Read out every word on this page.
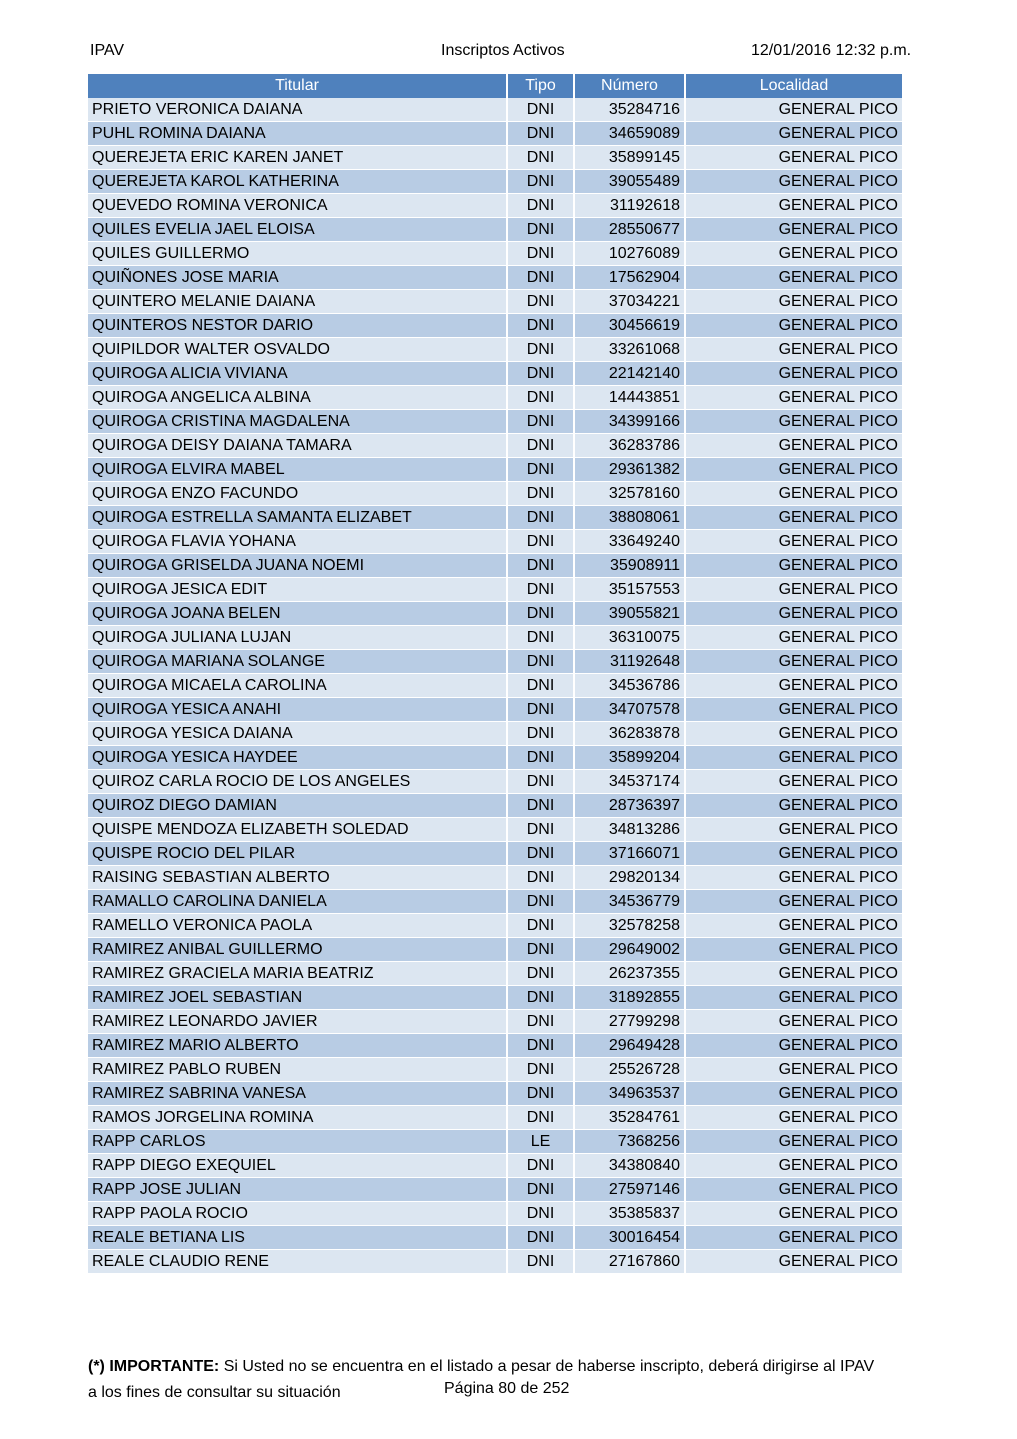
IPAV	Inscriptos Activos	12/01/2016 12:32 p.m.
Titular	Tipo	Número	Localidad
PRIETO VERONICA DAIANA	DNI	35284716	GENERAL PICO
PUHL ROMINA DAIANA	DNI	34659089	GENERAL PICO
QUEREJETA ERIC KAREN JANET	DNI	35899145	GENERAL PICO
QUEREJETA KAROL KATHERINA	DNI	39055489	GENERAL PICO
QUEVEDO ROMINA VERONICA	DNI	31192618	GENERAL PICO
QUILES EVELIA JAEL ELOISA	DNI	28550677	GENERAL PICO
QUILES GUILLERMO	DNI	10276089	GENERAL PICO
QUIÑONES JOSE MARIA	DNI	17562904	GENERAL PICO
QUINTERO MELANIE DAIANA	DNI	37034221	GENERAL PICO
QUINTEROS NESTOR DARIO	DNI	30456619	GENERAL PICO
QUIPILDOR WALTER OSVALDO	DNI	33261068	GENERAL PICO
QUIROGA ALICIA VIVIANA	DNI	22142140	GENERAL PICO
QUIROGA ANGELICA ALBINA	DNI	14443851	GENERAL PICO
QUIROGA CRISTINA MAGDALENA	DNI	34399166	GENERAL PICO
QUIROGA DEISY DAIANA TAMARA	DNI	36283786	GENERAL PICO
QUIROGA ELVIRA MABEL	DNI	29361382	GENERAL PICO
QUIROGA ENZO FACUNDO	DNI	32578160	GENERAL PICO
QUIROGA ESTRELLA SAMANTA ELIZABET	DNI	38808061	GENERAL PICO
QUIROGA FLAVIA YOHANA	DNI	33649240	GENERAL PICO
QUIROGA GRISELDA JUANA NOEMI	DNI	35908911	GENERAL PICO
QUIROGA JESICA EDIT	DNI	35157553	GENERAL PICO
QUIROGA JOANA BELEN	DNI	39055821	GENERAL PICO
QUIROGA JULIANA LUJAN	DNI	36310075	GENERAL PICO
QUIROGA MARIANA SOLANGE	DNI	31192648	GENERAL PICO
QUIROGA MICAELA CAROLINA	DNI	34536786	GENERAL PICO
QUIROGA YESICA ANAHI	DNI	34707578	GENERAL PICO
QUIROGA YESICA DAIANA	DNI	36283878	GENERAL PICO
QUIROGA YESICA HAYDEE	DNI	35899204	GENERAL PICO
QUIROZ CARLA ROCIO DE LOS ANGELES	DNI	34537174	GENERAL PICO
QUIROZ DIEGO DAMIAN	DNI	28736397	GENERAL PICO
QUISPE MENDOZA ELIZABETH SOLEDAD	DNI	34813286	GENERAL PICO
QUISPE ROCIO DEL PILAR	DNI	37166071	GENERAL PICO
RAISING SEBASTIAN ALBERTO	DNI	29820134	GENERAL PICO
RAMALLO CAROLINA DANIELA	DNI	34536779	GENERAL PICO
RAMELLO VERONICA PAOLA	DNI	32578258	GENERAL PICO
RAMIREZ ANIBAL GUILLERMO	DNI	29649002	GENERAL PICO
RAMIREZ GRACIELA MARIA BEATRIZ	DNI	26237355	GENERAL PICO
RAMIREZ JOEL SEBASTIAN	DNI	31892855	GENERAL PICO
RAMIREZ LEONARDO JAVIER	DNI	27799298	GENERAL PICO
RAMIREZ MARIO ALBERTO	DNI	29649428	GENERAL PICO
RAMIREZ PABLO RUBEN	DNI	25526728	GENERAL PICO
RAMIREZ SABRINA VANESA	DNI	34963537	GENERAL PICO
RAMOS JORGELINA ROMINA	DNI	35284761	GENERAL PICO
RAPP CARLOS	LE	7368256	GENERAL PICO
RAPP DIEGO EXEQUIEL	DNI	34380840	GENERAL PICO
RAPP JOSE JULIAN	DNI	27597146	GENERAL PICO
RAPP PAOLA ROCIO	DNI	35385837	GENERAL PICO
REALE BETIANA LIS	DNI	30016454	GENERAL PICO
REALE CLAUDIO RENE	DNI	27167860	GENERAL PICO
(*) IMPORTANTE: Si Usted no se encuentra en el listado a pesar de haberse inscripto, deberá dirigirse al IPAV
a los fines de consultar su situación	Página 80 de 252
